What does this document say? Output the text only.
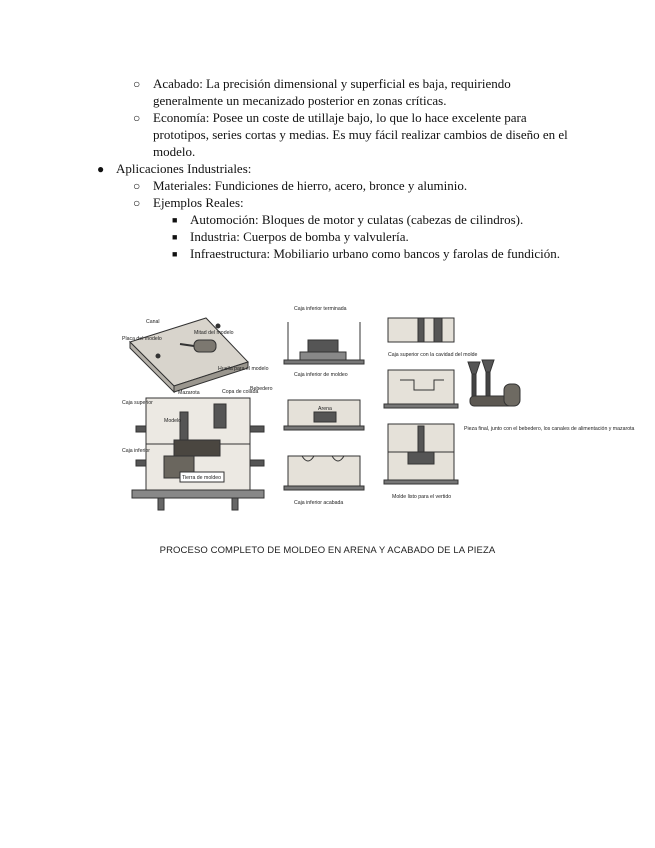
○ Acabado: La precisión dimensional y superficial es baja, requiriendo
generalmente un mecanizado posterior en zonas críticas.
○ Economía: Posee un coste de utillaje bajo, lo que lo hace excelente para
prototipos, series cortas y medias. Es muy fácil realizar cambios de diseño en el
modelo.
● Aplicaciones Industriales:
○ Materiales: Fundiciones de hierro, acero, bronce y aluminio.
○ Ejemplos Reales:
■ Automoción: Bloques de motor y culatas (cabezas de cilindros).
■ Industria: Cuerpos de bomba y valvulería.
■ Infraestructura: Mobiliario urbano como bancos y farolas de fundición.
Canal
Placa del modelo
Mitad del modelo
Huella para el modelo
Mazarota
Bebedero
Caja superior
Caja inferior
Modelo
Tierra de moldeo
Copa de colada
Caja inferior de moldeo
Arena
Caja superior con la cavidad del molde
Pieza final, junto con el bebedero, los canales de alimentación y mazarota
Caja inferior acabada
Molde listo para el vertido
Caja inferior terminada
PROCESO COMPLETO DE MOLDEO EN ARENA Y ACABADO DE LA PIEZA
